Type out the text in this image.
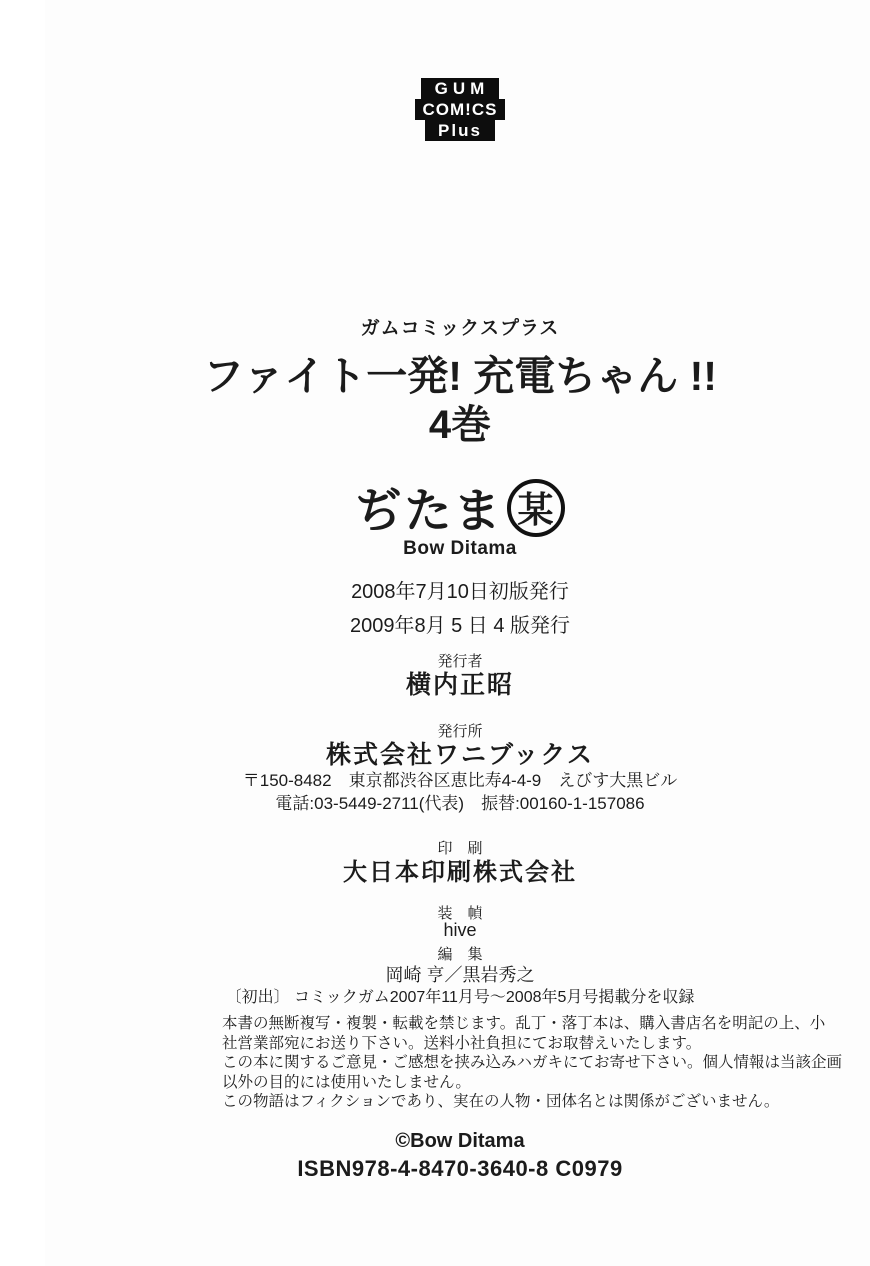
GUM
COM!CS
Plus
ガムコミックスプラス
ファイト一発! 充電ちゃん !!
4巻
ぢたま 某
Bow Ditama
2008年7月10日初版発行
2009年8月 5 日 4 版発行
発行者
横内正昭
発行所
株式会社ワニブックス
〒150-8482　東京都渋谷区恵比寿4-4-9　えびす大黒ビル
電話:03-5449-2711(代表)　振替:00160-1-157086
印　刷
大日本印刷株式会社
装　幀
hive
編　集
岡崎 亨／黒岩秀之
〔初出〕 コミックガム2007年11月号〜2008年5月号掲載分を収録
本書の無断複写・複製・転載を禁じます。乱丁・落丁本は、購入書店名を明記の上、小
社営業部宛にお送り下さい。送料小社負担にてお取替えいたします。
この本に関するご意見・ご感想を挟み込みハガキにてお寄せ下さい。個人情報は当該企画
以外の目的には使用いたしません。
この物語はフィクションであり、実在の人物・団体名とは関係がございません。
©Bow Ditama
ISBN978-4-8470-3640-8 C0979
